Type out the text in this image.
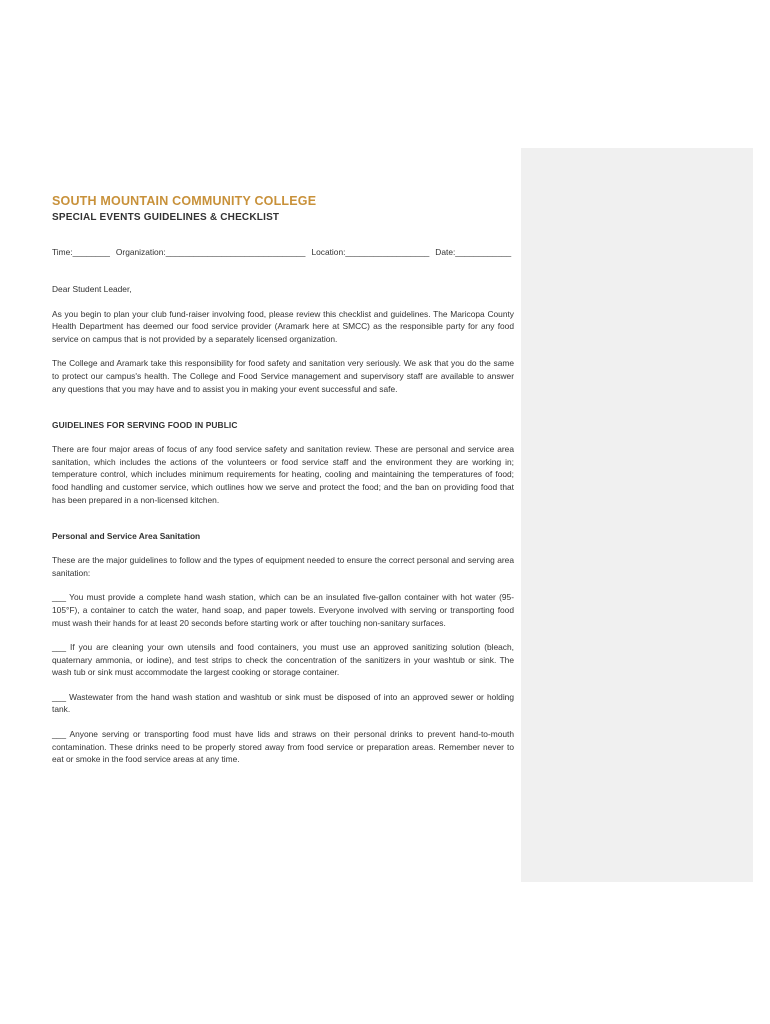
SOUTH MOUNTAIN COMMUNITY COLLEGE
SPECIAL EVENTS GUIDELINES & CHECKLIST
Time:________ Organization:______________________________ Location:__________________ Date:____________

Dear Student Leader,

As you begin to plan your club fund-raiser involving food, please review this checklist and guidelines. The Maricopa County Health Department has deemed our food service provider (Aramark here at SMCC) as the responsible party for any food service on campus that is not provided by a separately licensed organization.

The College and Aramark take this responsibility for food safety and sanitation very seriously. We ask that you do the same to protect our campus's health. The College and Food Service management and supervisory staff are available to answer any questions that you may have and to assist you in making your event successful and safe.

GUIDELINES FOR SERVING FOOD IN PUBLIC

There are four major areas of focus of any food service safety and sanitation review. These are personal and service area sanitation, which includes the actions of the volunteers or food service staff and the environment they are working in; temperature control, which includes minimum requirements for heating, cooling and maintaining the temperatures of food; food handling and customer service, which outlines how we serve and protect the food; and the ban on providing food that has been prepared in a non-licensed kitchen.

Personal and Service Area Sanitation

These are the major guidelines to follow and the types of equipment needed to ensure the correct personal and serving area sanitation:

___ You must provide a complete hand wash station, which can be an insulated five-gallon container with hot water (95-105°F), a container to catch the water, hand soap, and paper towels. Everyone involved with serving or transporting food must wash their hands for at least 20 seconds before starting work or after touching non-sanitary surfaces.

___ If you are cleaning your own utensils and food containers, you must use an approved sanitizing solution (bleach, quaternary ammonia, or iodine), and test strips to check the concentration of the sanitizers in your washtub or sink. The wash tub or sink must accommodate the largest cooking or storage container.

___ Wastewater from the hand wash station and washtub or sink must be disposed of into an approved sewer or holding tank.

___ Anyone serving or transporting food must have lids and straws on their personal drinks to prevent hand-to-mouth contamination. These drinks need to be properly stored away from food service or preparation areas. Remember never to eat or smoke in the food service areas at any time.
